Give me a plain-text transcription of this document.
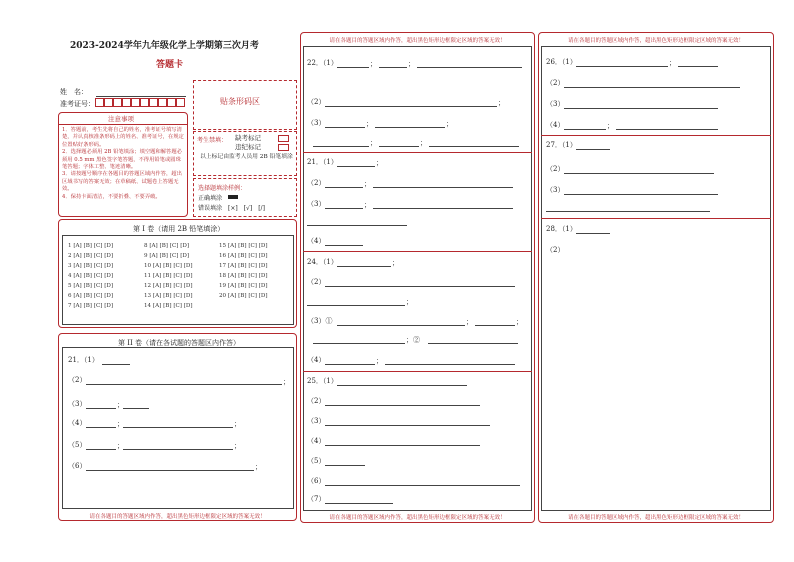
2023-2024学年九年级化学上学期第三次月考
答题卡
姓　名：
准考证号：	贴条形码区
注意事项
1．答题前，考生先将自己的姓名，准考证号填写清楚，并认真核准条形码上的姓名、准考证号，在规定位置贴好条形码。
2．选择题必须用 2B 铅笔填涂；填空题和解答题必须用 0.5 mm 黑色签字笔答题，不得用铅笔或圆珠笔答题；字体工整、笔迹清晰。
3．请按题号顺序在各题目的答题区域内作答，超出区域书写的答案无效；在草稿纸、试题卷上答题无效。
4．保持卡面清洁，不要折叠、不要弄破。
考生禁填： 缺考标记
违纪标记
以上标记由监考人员用 2B 铅笔填涂
选择题填涂样例：
正确填涂
错误填涂 [×]　[√]　[/]
第 I 卷（请用 2B 铅笔填涂）
1 [A] [B] [C] [D]
2 [A] [B] [C] [D]
3 [A] [B] [C] [D]
4 [A] [B] [C] [D]
5 [A] [B] [C] [D]
6 [A] [B] [C] [D]
7 [A] [B] [C] [D]
8 [A] [B] [C] [D]
9 [A] [B] [C] [D]
10 [A] [B] [C] [D]
11 [A] [B] [C] [D]
12 [A] [B] [C] [D]
13 [A] [B] [C] [D]
14 [A] [B] [C] [D]
15 [A] [B] [C] [D]
16 [A] [B] [C] [D]
17 [A] [B] [C] [D]
18 [A] [B] [C] [D]
19 [A] [B] [C] [D]
20 [A] [B] [C] [D]
第 II 卷（请在各试题的答题区内作答）
21．（1）
（2）	；
（3）	；
（4）	；	；
（5）	；	；
（6）	；
请在各题目的答题区域内作答，超出黑色矩形边框限定区域的答案无效！
请在各题目的答题区域内作答，超出黑色矩形边框限定区域的答案无效！
22．（1）	；	；
（2）	；
（3）	；	；
；	；
21．（1）	；
（2）	；
（3）	；
（4）
24．（1）	；
（2）
；
（3）①	；	；
；②
（4）	；
25．（1）
（2）
（3）
（4）
（5）
（6）
（7）
请在各题目的答题区域内作答，超出黑色矩形边框限定区域的答案无效！
请在各题目的答题区域内作答，超出黑色矩形边框限定区域的答案无效！
26．（1）	；
（2）
（3）
（4）	；
27．（1）
（2）
（3）
28．（1）
（2）
请在各题目的答题区域内作答，超出黑色矩形边框限定区域的答案无效！
